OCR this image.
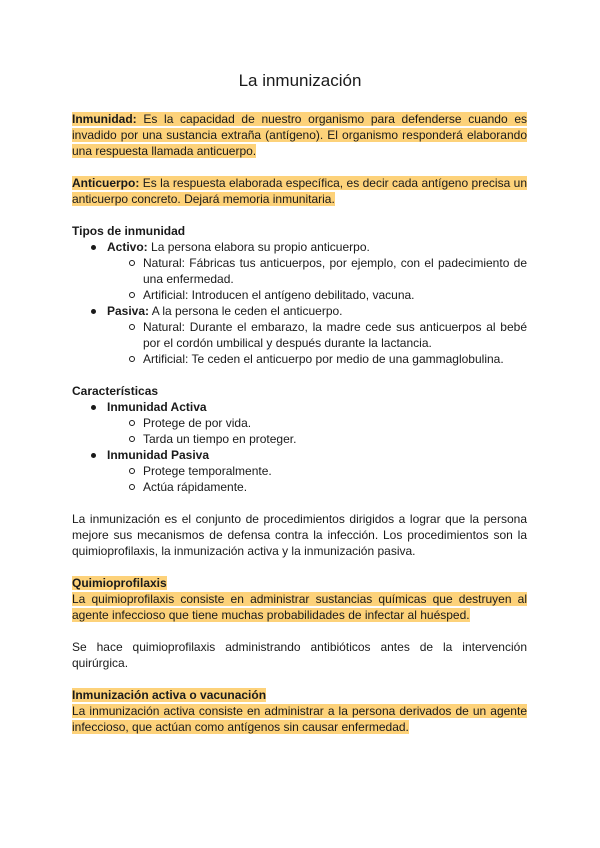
La inmunización

Inmunidad: Es la capacidad de nuestro organismo para defenderse cuando es invadido por una sustancia extraña (antígeno). El organismo responderá elaborando una respuesta llamada anticuerpo.

Anticuerpo: Es la respuesta elaborada específica, es decir cada antígeno precisa un anticuerpo concreto. Dejará memoria inmunitaria.

Tipos de inmunidad

Activo: La persona elabora su propio anticuerpo.
Natural: Fábricas tus anticuerpos, por ejemplo, con el padecimiento de una enfermedad.
Artificial: Introducen el antígeno debilitado, vacuna.
Pasiva: A la persona le ceden el anticuerpo.
Natural: Durante el embarazo, la madre cede sus anticuerpos al bebé por el cordón umbilical y después durante la lactancia.
Artificial: Te ceden el anticuerpo por medio de una gammaglobulina.

Características

Inmunidad Activa
Protege de por vida.
Tarda un tiempo en proteger.
Inmunidad Pasiva
Protege temporalmente.
Actúa rápidamente.

La inmunización es el conjunto de procedimientos dirigidos a lograr que la persona mejore sus mecanismos de defensa contra la infección. Los procedimientos son la quimioprofilaxis, la inmunización activa y la inmunización pasiva.

Quimioprofilaxis

La quimioprofilaxis consiste en administrar sustancias químicas que destruyen al agente infeccioso que tiene muchas probabilidades de infectar al huésped.

Se hace quimioprofilaxis administrando antibióticos antes de la intervención quirúrgica.

Inmunización activa o vacunación

La inmunización activa consiste en administrar a la persona derivados de un agente infeccioso, que actúan como antígenos sin causar enfermedad.
